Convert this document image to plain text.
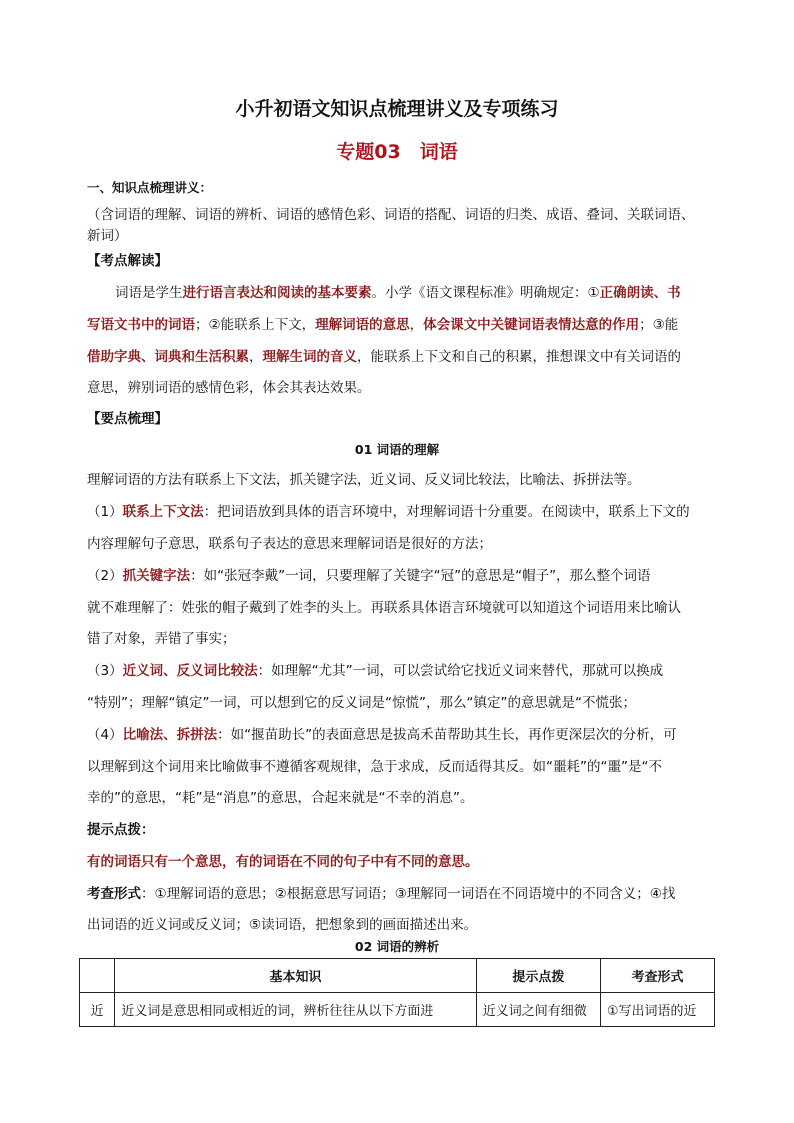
小升初语文知识点梳理讲义及专项练习
专题03　词语
一、知识点梳理讲义：
（含词语的理解、词语的辨析、词语的感情色彩、词语的搭配、词语的归类、成语、叠词、关联词语、
新词）
【考点解读】
词语是学生进行语言表达和阅读的基本要素。小学《语文课程标准》明确规定：①正确朗读、书
写语文书中的词语；②能联系上下文，理解词语的意思，体会课文中关键词语表情达意的作用；③能
借助字典、词典和生活积累，理解生词的音义，能联系上下文和自己的积累，推想课文中有关词语的
意思，辨别词语的感情色彩，体会其表达效果。
【要点梳理】
01 词语的理解
理解词语的方法有联系上下文法，抓关键字法，近义词、反义词比较法，比喻法、拆拼法等。
（1）联系上下文法：把词语放到具体的语言环境中，对理解词语十分重要。在阅读中，联系上下文的
内容理解句子意思，联系句子表达的意思来理解词语是很好的方法；
（2）抓关键字法：如“张冠李戴”一词，只要理解了关键字“冠”的意思是“帽子”，那么整个词语
就不难理解了：姓张的帽子戴到了姓李的头上。再联系具体语言环境就可以知道这个词语用来比喻认
错了对象，弄错了事实；
（3）近义词、反义词比较法：如理解“尤其”一词，可以尝试给它找近义词来替代，那就可以换成
“特别”；理解“镇定”一词，可以想到它的反义词是“惊慌”，那么“镇定”的意思就是“不慌张；
（4）比喻法、拆拼法：如“揠苗助长”的表面意思是拔高禾苗帮助其生长，再作更深层次的分析，可
以理解到这个词用来比喻做事不遵循客观规律，急于求成，反而适得其反。如“噩耗”的“噩”是“不
幸的”的意思，“耗”是“消息”的意思，合起来就是“不幸的消息”。
提示点拨：
有的词语只有一个意思，有的词语在不同的句子中有不同的意思。
考查形式：①理解词语的意思；②根据意思写词语；③理解同一词语在不同语境中的不同含义；④找
出词语的近义词或反义词；⑤读词语，把想象到的画面描述出来。
02 词语的辨析
	基本知识	提示点拨	考查形式
近	近义词是意思相同或相近的词，辨析往往从以下方面进	近义词之间有细微	①写出词语的近
